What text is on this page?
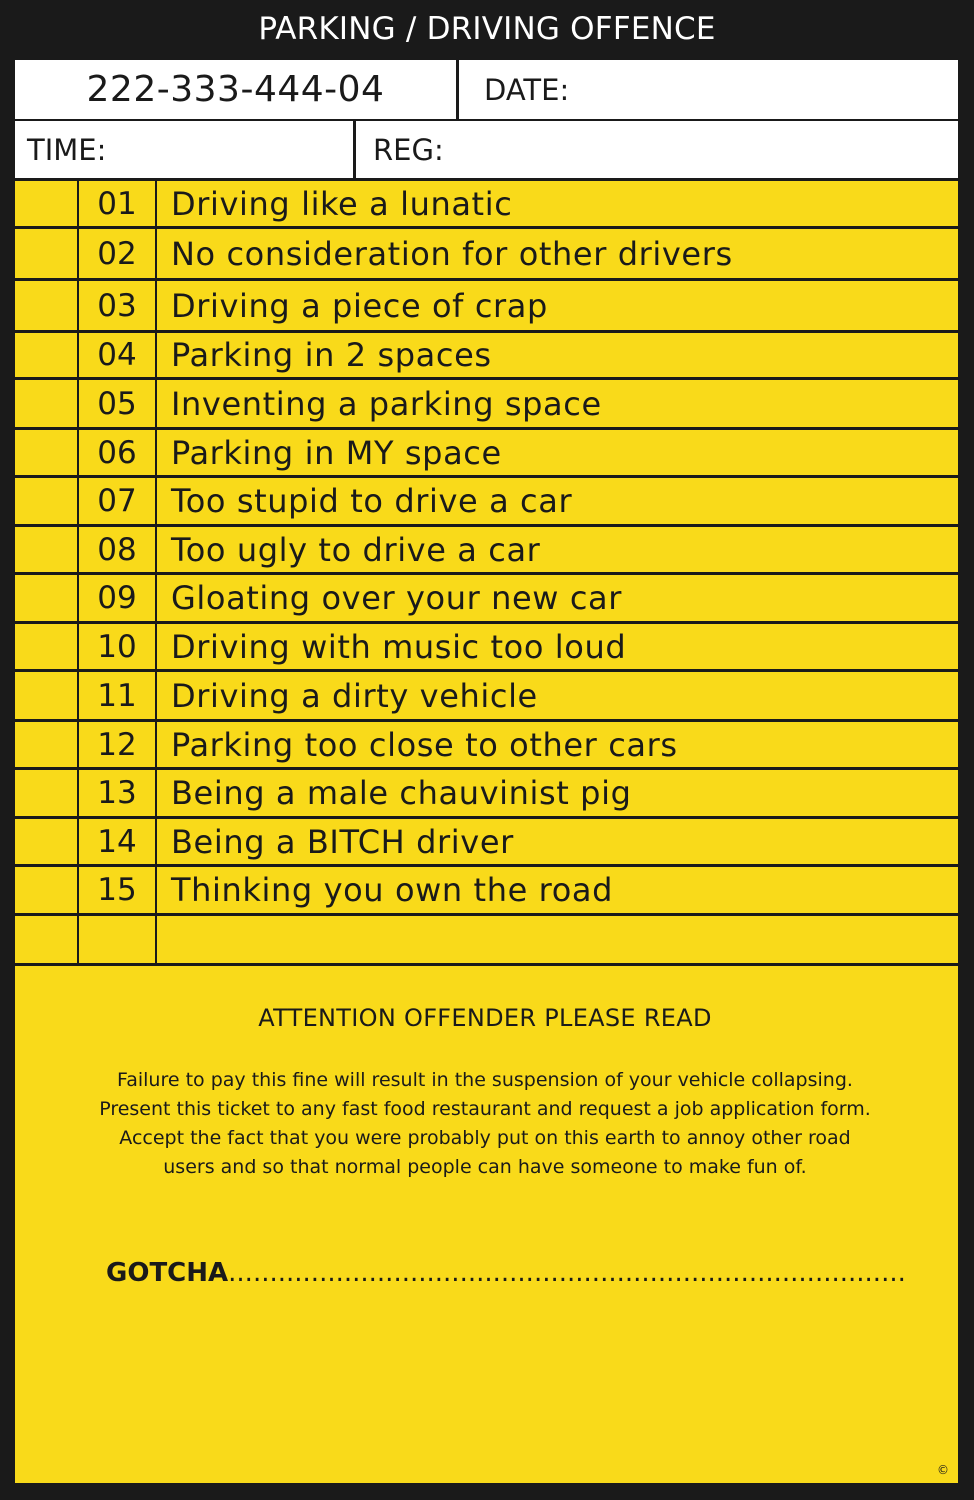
PARKING / DRIVING OFFENCE
222-333-444-04	DATE:
TIME:	REG:
01	Driving like a lunatic
02	No consideration for other drivers
03	Driving a piece of crap
04	Parking in 2 spaces
05	Inventing a parking space
06	Parking in MY space
07	Too stupid to drive a car
08	Too ugly to drive a car
09	Gloating over your new car
10	Driving with music too loud
11	Driving a dirty vehicle
12	Parking too close to other cars
13	Being a male chauvinist pig
14	Being a BITCH driver
15	Thinking you own the road
ATTENTION OFFENDER PLEASE READ
Failure to pay this fine will result in the suspension of your vehicle collapsing.
Present this ticket to any fast food restaurant and request a job application form.
Accept the fact that you were probably put on this earth to annoy other road
users and so that normal people can have someone to make fun of.
GOTCHA..................................................................................
©
